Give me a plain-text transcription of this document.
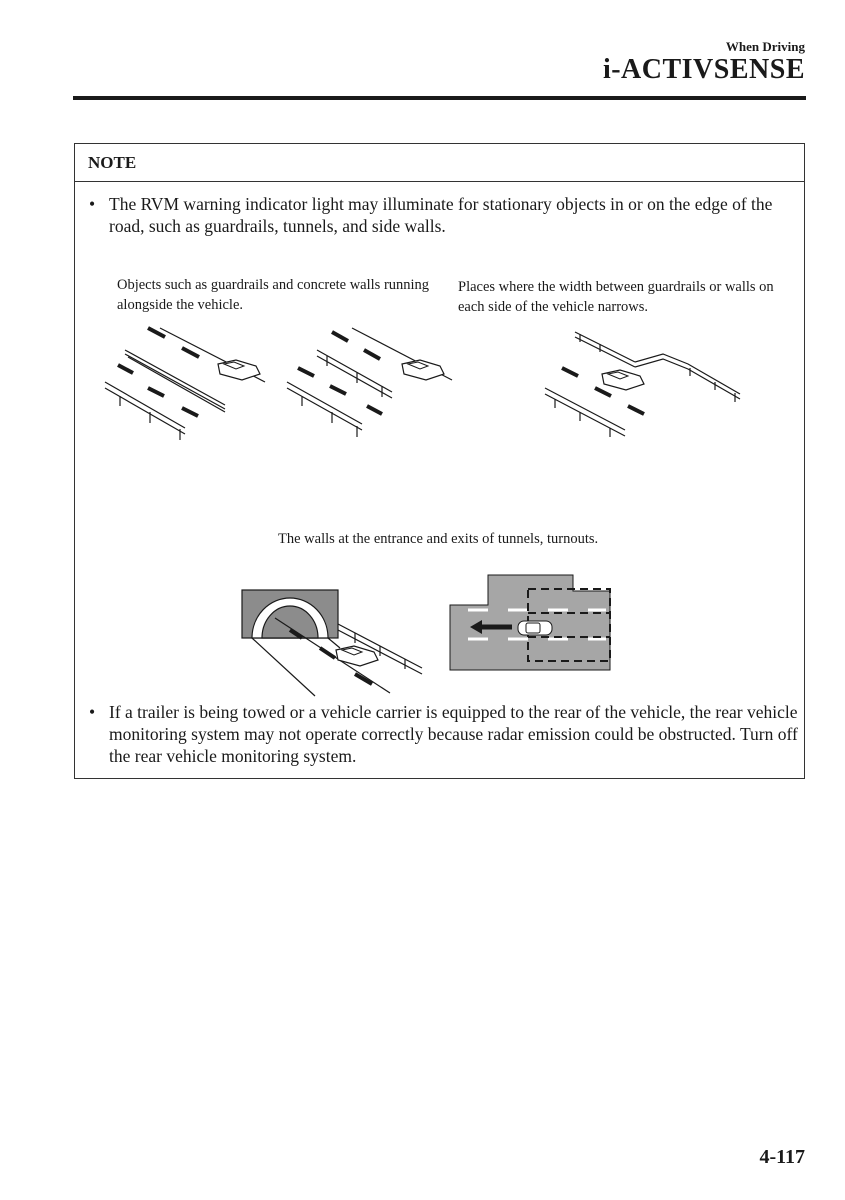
When Driving
i-ACTIVSENSE
NOTE
• The RVM warning indicator light may illuminate for stationary objects in or on the edge of the road, such as guardrails, tunnels, and side walls.
Objects such as guardrails and concrete walls running alongside the vehicle.
Places where the width between guardrails or walls on each side of the vehicle narrows.
The walls at the entrance and exits of tunnels, turnouts.
• If a trailer is being towed or a vehicle carrier is equipped to the rear of the vehicle, the rear vehicle monitoring system may not operate correctly because radar emission could be obstructed. Turn off the rear vehicle monitoring system.
4-117
